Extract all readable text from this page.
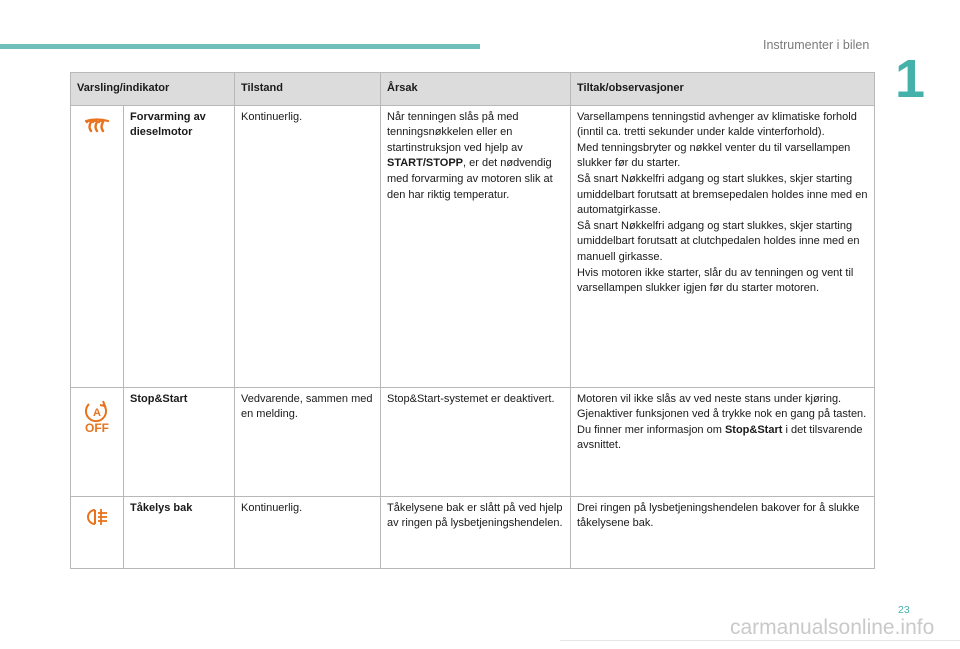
Instrumenter i bilen
1
Varsling/indikator		Tilstand	Årsak	Tiltak/observasjoner

	Forvarming av dieselmotor	Kontinuerlig.	Når tenningen slås på med tenningsnøkkelen eller en startinstruksjon ved hjelp av START/STOPP, er det nødvendig med forvarming av motoren slik at den har riktig temperatur.	Varsellampens tenningstid avhenger av klimatiske forhold (inntil ca. tretti sekunder under kalde vinterforhold).
Med tenningsbryter og nøkkel venter du til varsellampen slukker før du starter.
Så snart Nøkkelfri adgang og start slukkes, skjer starting umiddelbart forutsatt at bremsepedalen holdes inne med en automatgirkasse.
Så snart Nøkkelfri adgang og start slukkes, skjer starting umiddelbart forutsatt at clutchpedalen holdes inne med en manuell girkasse.
Hvis motoren ikke starter, slår du av tenningen og vent til varsellampen slukker igjen før du starter motoren.

A
OFF	Stop&Start	Vedvarende, sammen med en melding.	Stop&Start-systemet er deaktivert.	Motoren vil ikke slås av ved neste stans under kjøring.
Gjenaktiver funksjonen ved å trykke nok en gang på tasten.
Du finner mer informasjon om Stop&Start i det tilsvarende avsnittet.

	Tåkelys bak	Kontinuerlig.	Tåkelysene bak er slått på ved hjelp av ringen på lysbetjeningshendelen.	Drei ringen på lysbetjeningshendelen bakover for å slukke tåkelysene bak.
23
carmanualsonline.info
